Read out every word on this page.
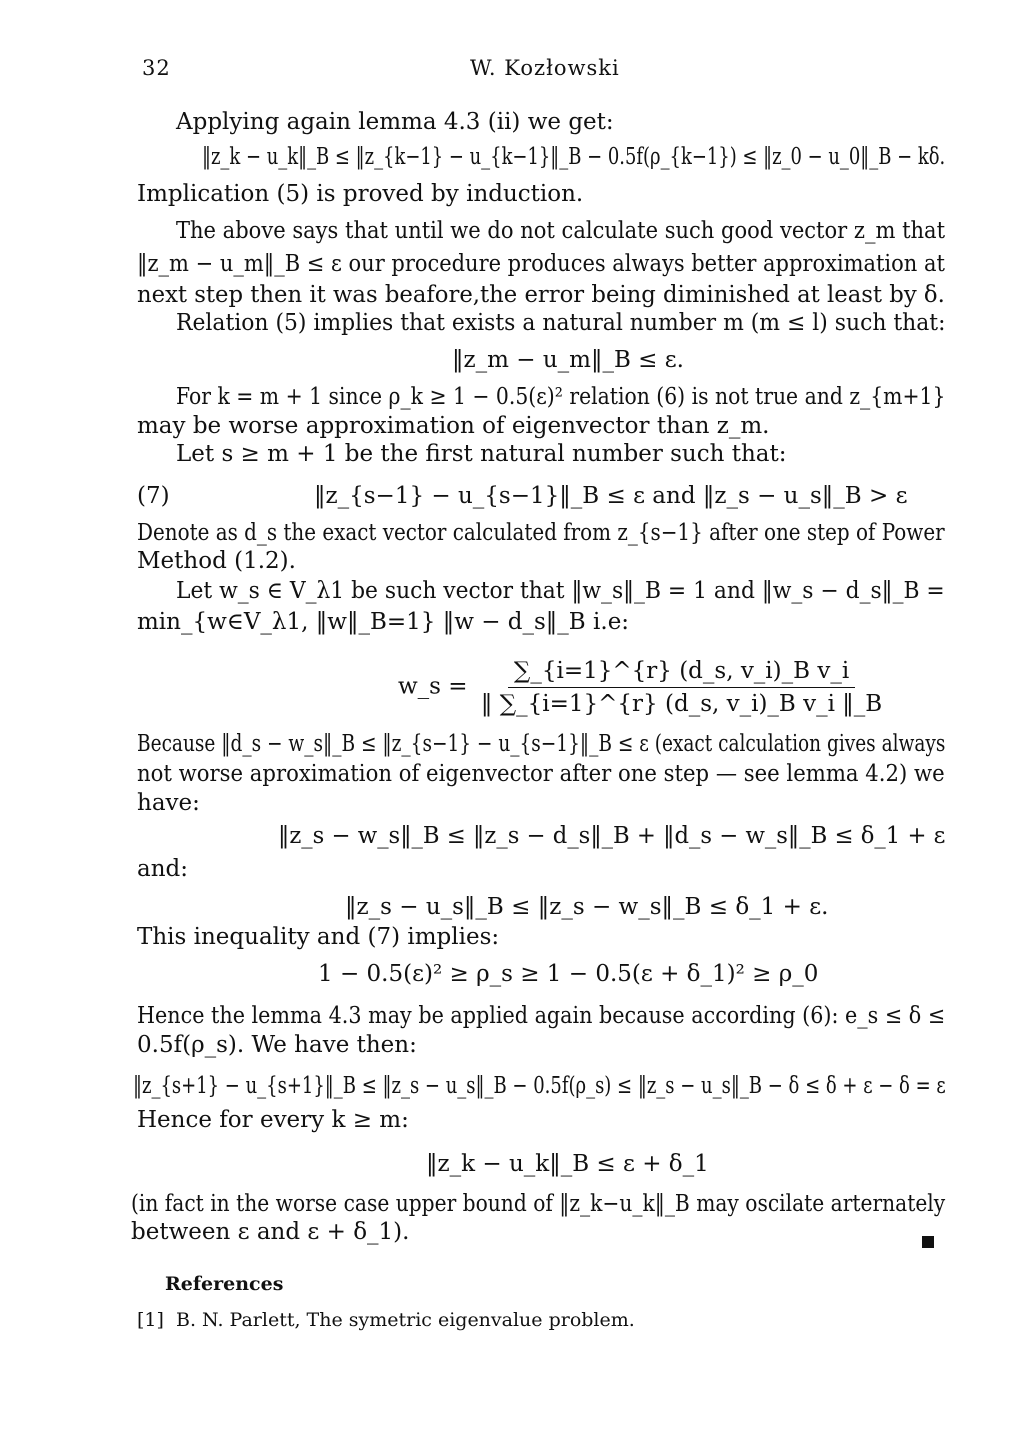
32	W. Kozłowski
Applying again lemma 4.3 (ii) we get:
‖z_k − u_k‖_B ≤ ‖z_{k−1} − u_{k−1}‖_B − 0.5f(ρ_{k−1}) ≤ ‖z_0 − u_0‖_B − kδ.
Implication (5) is proved by induction.
The above says that until we do not calculate such good vector z_m that
‖z_m − u_m‖_B ≤ ε our procedure produces always better approximation at
next step then it was beafore,the error being diminished at least by δ.
Relation (5) implies that exists a natural number m (m ≤ l) such that:
‖z_m − u_m‖_B ≤ ε.
For k = m + 1 since ρ_k ≥ 1 − 0.5(ε)² relation (6) is not true and z_{m+1}
may be worse approximation of eigenvector than z_m.
Let s ≥ m + 1 be the first natural number such that:
(7)	‖z_{s−1} − u_{s−1}‖_B ≤ ε and ‖z_s − u_s‖_B > ε
Denote as d_s the exact vector calculated from z_{s−1} after one step of Power
Method (1.2).
Let w_s ∈ V_λ1 be such vector that ‖w_s‖_B = 1 and ‖w_s − d_s‖_B =
min_{w∈V_λ1, ‖w‖_B=1} ‖w − d_s‖_B i.e:
w_s = $\frac{\text{∑\_\{i=1\}\textasciicircum{}\{r\} (d\_s, v\_i)\_B v\_i}}{\text{‖ ∑\_\{i=1\}\textasciicircum{}\{r\} (d\_s, v\_i)\_B v\_i ‖\_B}}$
Because ‖d_s − w_s‖_B ≤ ‖z_{s−1} − u_{s−1}‖_B ≤ ε (exact calculation gives always
not worse aproximation of eigenvector after one step — see lemma 4.2) we
have:
‖z_s − w_s‖_B ≤ ‖z_s − d_s‖_B + ‖d_s − w_s‖_B ≤ δ_1 + ε
and:
‖z_s − u_s‖_B ≤ ‖z_s − w_s‖_B ≤ δ_1 + ε.
This inequality and (7) implies:
1 − 0.5(ε)² ≥ ρ_s ≥ 1 − 0.5(ε + δ_1)² ≥ ρ_0
Hence the lemma 4.3 may be applied again because according (6): e_s ≤ δ ≤
0.5f(ρ_s). We have then:
‖z_{s+1} − u_{s+1}‖_B ≤ ‖z_s − u_s‖_B − 0.5f(ρ_s) ≤ ‖z_s − u_s‖_B − δ ≤ δ + ε − δ = ε
Hence for every k ≥ m:
‖z_k − u_k‖_B ≤ ε + δ_1
(in fact in the worse case upper bound of ‖z_k−u_k‖_B may oscilate arternately
between ε and ε + δ_1).
References
[1] B. N. Parlett, The symetric eigenvalue problem.
